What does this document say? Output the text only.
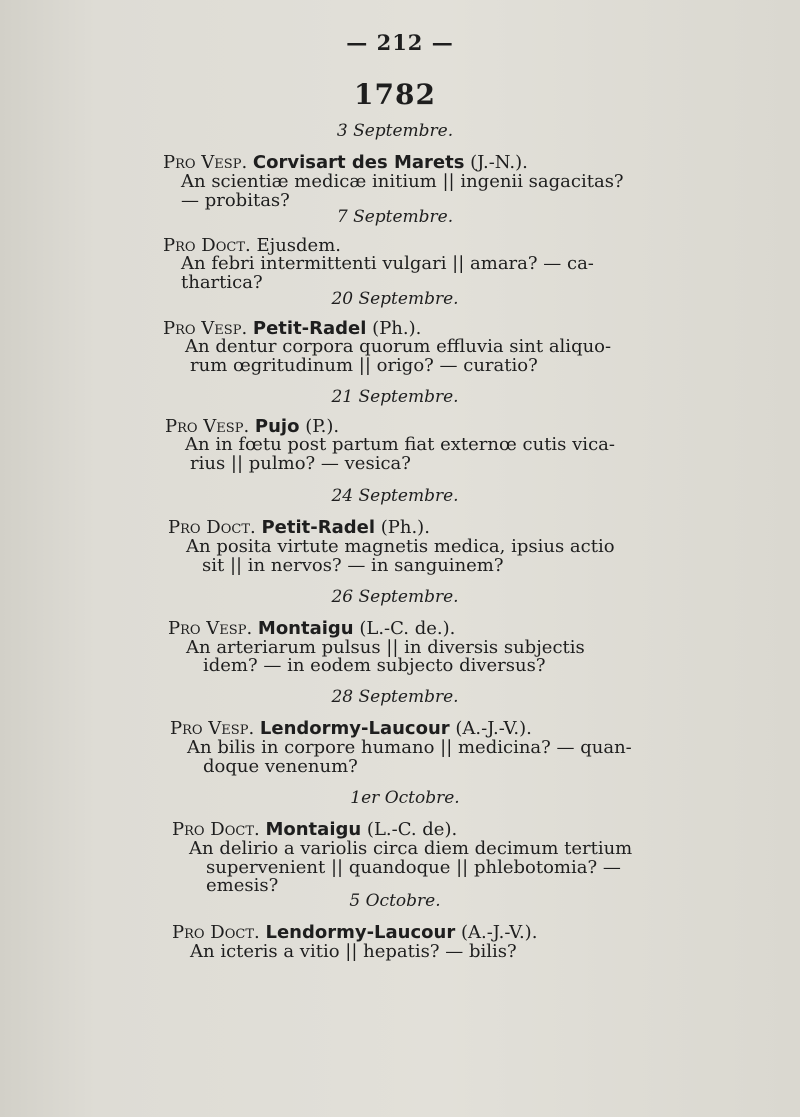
— 212 —
1782
3 Septembre.
Pro Vesp. Corvisart des Marets (J.-N.).
An scientiæ medicæ initium || ingenii sagacitas?
— probitas?
7 Septembre.
Pro Doct. Ejusdem.
An febri intermittenti vulgari || amara? — ca-
thartica?
20 Septembre.
Pro Vesp. Petit-Radel (Ph.).
An dentur corpora quorum effluvia sint aliquo-
rum œgritudinum || origo? — curatio?
21 Septembre.
Pro Vesp. Pujo (P.).
An in fœtu post partum fiat externœ cutis vica-
rius || pulmo? — vesica?
24 Septembre.
Pro Doct. Petit-Radel (Ph.).
An posita virtute magnetis medica, ipsius actio
sit || in nervos? — in sanguinem?
26 Septembre.
Pro Vesp. Montaigu (L.-C. de.).
An arteriarum pulsus || in diversis subjectis
idem? — in eodem subjecto diversus?
28 Septembre.
Pro Vesp. Lendormy-Laucour (A.-J.-V.).
An bilis in corpore humano || medicina? — quan-
doque venenum?
1er Octobre.
Pro Doct. Montaigu (L.-C. de).
An delirio a variolis circa diem decimum tertium
supervenient || quandoque || phlebotomia? —
emesis?
5 Octobre.
Pro Doct. Lendormy-Laucour (A.-J.-V.).
An icteris a vitio || hepatis? — bilis?
